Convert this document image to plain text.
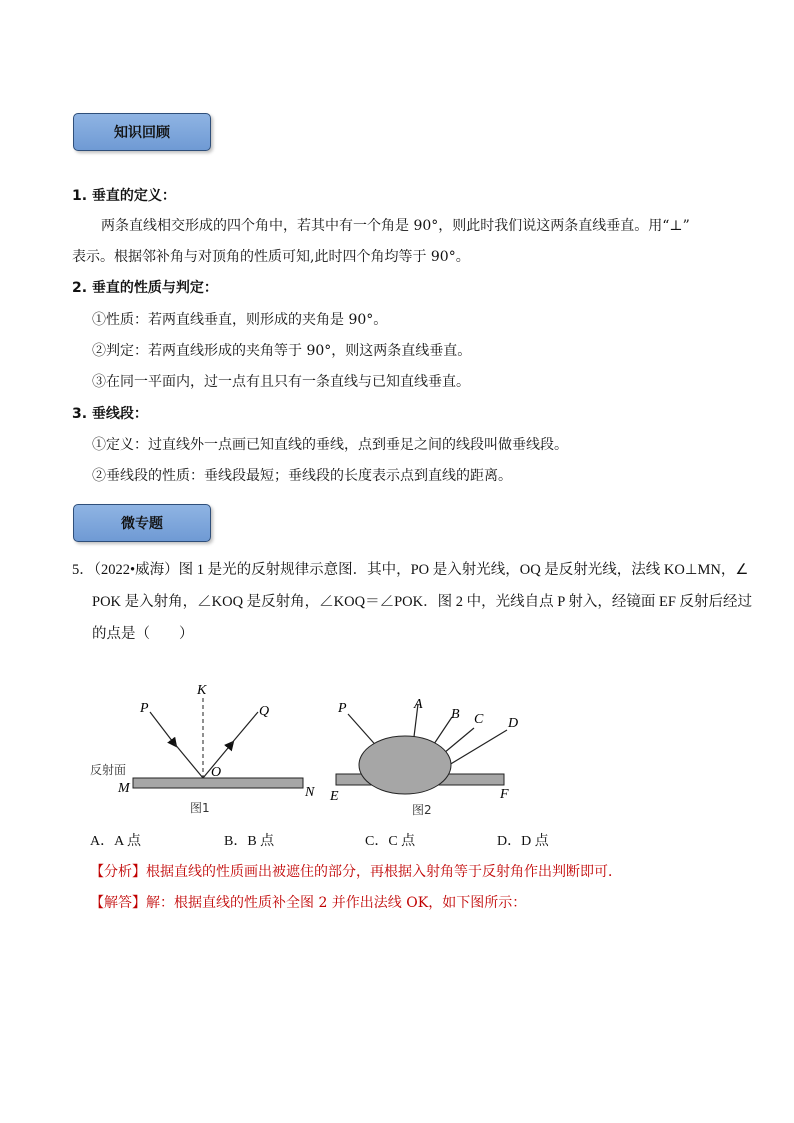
知识回顾
1. 垂直的定义：
两条直线相交形成的四个角中，若其中有一个角是 90°，则此时我们说这两条直线垂直。用“⊥”
表示。根据邻补角与对顶角的性质可知,此时四个角均等于 90°。
2. 垂直的性质与判定：
①性质：若两直线垂直，则形成的夹角是 90°。
②判定：若两直线形成的夹角等于 90°，则这两条直线垂直。
③在同一平面内，过一点有且只有一条直线与已知直线垂直。
3. 垂线段：
①定义：过直线外一点画已知直线的垂线，点到垂足之间的线段叫做垂线段。
②垂线段的性质：垂线段最短；垂线段的长度表示点到直线的距离。
微专题
5．（2022•威海）图 1 是光的反射规律示意图．其中，PO 是入射光线，OQ 是反射光线，法线 KO⊥MN，∠
POK 是入射角，∠KOQ 是反射角，∠KOQ＝∠POK．图 2 中，光线自点 P 射入，经镜面 EF 反射后经过
的点是（　　）
P
K
Q
O
M	N
反射面
图1
P	A
B C D
E	F
图2
A．A 点	B．B 点	C．C 点	D．D 点
【分析】根据直线的性质画出被遮住的部分，再根据入射角等于反射角作出判断即可．
【解答】解：根据直线的性质补全图 2 并作出法线 OK，如下图所示：
